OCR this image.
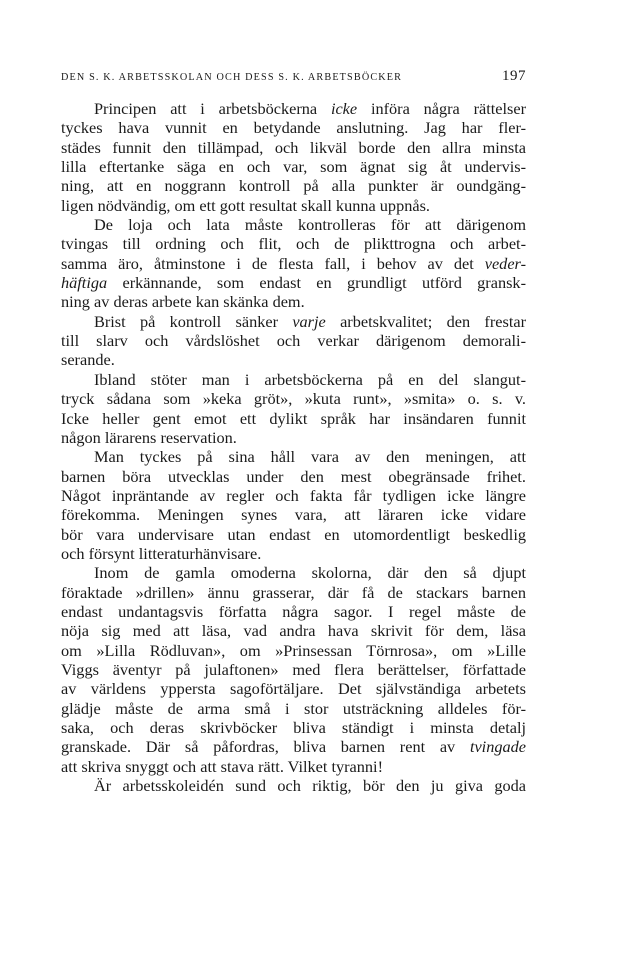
DEN S. K. ARBETSSKOLAN OCH DESS S. K. ARBETSBÖCKER	197
Principen att i arbetsböckerna icke införa några rättelser
tyckes hava vunnit en betydande anslutning. Jag har fler-
städes funnit den tillämpad, och likväl borde den allra minsta
lilla eftertanke säga en och var, som ägnat sig åt undervis-
ning, att en noggrann kontroll på alla punkter är oundgäng-
ligen nödvändig, om ett gott resultat skall kunna uppnås.
De loja och lata måste kontrolleras för att därigenom
tvingas till ordning och flit, och de plikttrogna och arbet-
samma äro, åtminstone i de flesta fall, i behov av det veder-
häftiga erkännande, som endast en grundligt utförd gransk-
ning av deras arbete kan skänka dem.
Brist på kontroll sänker varje arbetskvalitet; den frestar
till slarv och vårdslöshet och verkar därigenom demorali-
serande.
Ibland stöter man i arbetsböckerna på en del slangut-
tryck sådana som »keka gröt», »kuta runt», »smita» o. s. v.
Icke heller gent emot ett dylikt språk har insändaren funnit
någon lärarens reservation.
Man tyckes på sina håll vara av den meningen, att
barnen böra utvecklas under den mest obegränsade frihet.
Något inpräntande av regler och fakta får tydligen icke längre
förekomma. Meningen synes vara, att läraren icke vidare
bör vara undervisare utan endast en utomordentligt beskedlig
och försynt litteraturhänvisare.
Inom de gamla omoderna skolorna, där den så djupt
föraktade »drillen» ännu grasserar, där få de stackars barnen
endast undantagsvis författa några sagor. I regel måste de
nöja sig med att läsa, vad andra hava skrivit för dem, läsa
om »Lilla Rödluvan», om »Prinsessan Törnrosa», om »Lille
Viggs äventyr på julaftonen» med flera berättelser, författade
av världens yppersta sagoförtäljare. Det självständiga arbetets
glädje måste de arma små i stor utsträckning alldeles för-
saka, och deras skrivböcker bliva ständigt i minsta detalj
granskade. Där så påfordras, bliva barnen rent av tvingade
att skriva snyggt och att stava rätt. Vilket tyranni!
Är arbetsskoleidén sund och riktig, bör den ju giva goda
